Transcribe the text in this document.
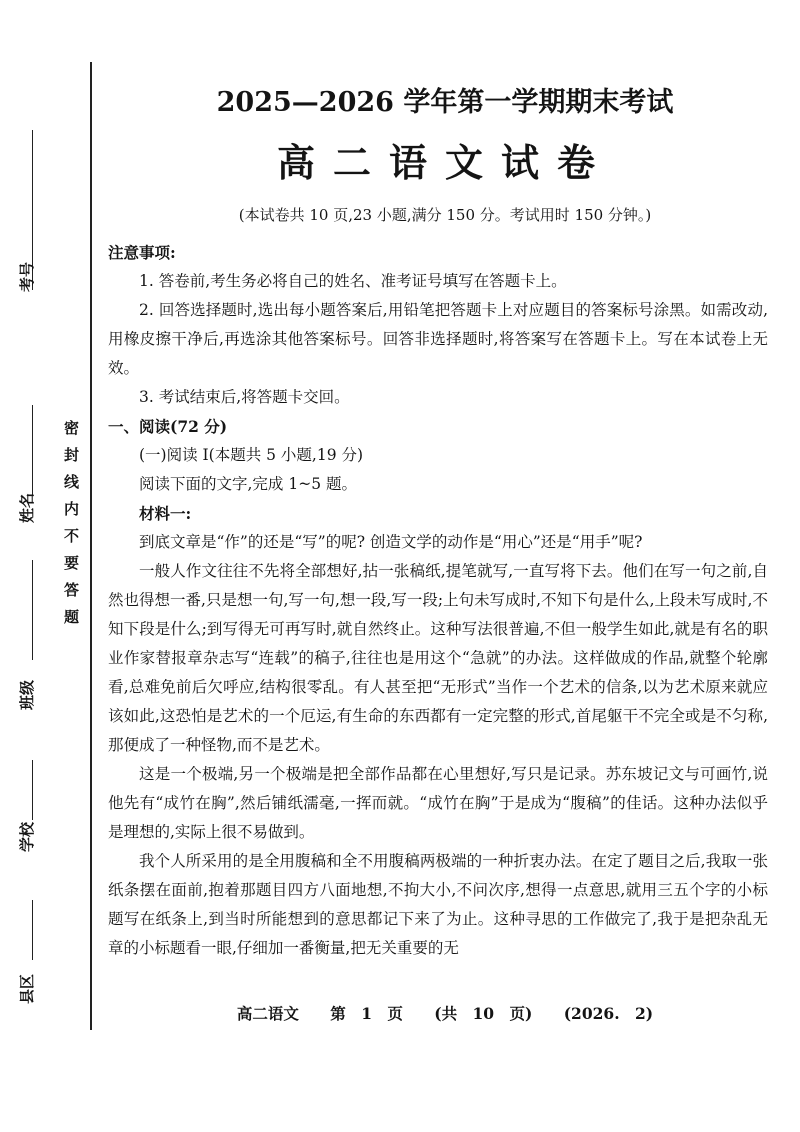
考号
姓名
班级
学校
县区
密封线内不要答题
2025—2026 学年第一学期期末考试
高二语文试卷
(本试卷共 10 页,23 小题,满分 150 分。考试用时 150 分钟。)

注意事项:

1. 答卷前,考生务必将自己的姓名、准考证号填写在答题卡上。

2. 回答选择题时,选出每小题答案后,用铅笔把答题卡上对应题目的答案标号涂黑。如需改动,用橡皮擦干净后,再选涂其他答案标号。回答非选择题时,将答案写在答题卡上。写在本试卷上无效。

3. 考试结束后,将答题卡交回。

一、阅读(72 分)

(一)阅读 I(本题共 5 小题,19 分)

阅读下面的文字,完成 1~5 题。

材料一:

到底文章是“作”的还是“写”的呢? 创造文学的动作是“用心”还是“用手”呢?

一般人作文往往不先将全部想好,拈一张稿纸,提笔就写,一直写将下去。他们在写一句之前,自然也得想一番,只是想一句,写一句,想一段,写一段;上句未写成时,不知下句是什么,上段未写成时,不知下段是什么;到写得无可再写时,就自然终止。这种写法很普遍,不但一般学生如此,就是有名的职业作家替报章杂志写“连载”的稿子,往往也是用这个“急就”的办法。这样做成的作品,就整个轮廓看,总难免前后欠呼应,结构很零乱。有人甚至把“无形式”当作一个艺术的信条,以为艺术原来就应该如此,这恐怕是艺术的一个厄运,有生命的东西都有一定完整的形式,首尾躯干不完全或是不匀称,那便成了一种怪物,而不是艺术。

这是一个极端,另一个极端是把全部作品都在心里想好,写只是记录。苏东坡记文与可画竹,说他先有“成竹在胸”,然后铺纸濡毫,一挥而就。“成竹在胸”于是成为“腹稿”的佳话。这种办法似乎是理想的,实际上很不易做到。

我个人所采用的是全用腹稿和全不用腹稿两极端的一种折衷办法。在定了题目之后,我取一张纸条摆在面前,抱着那题目四方八面地想,不拘大小,不问次序,想得一点意思,就用三五个字的小标题写在纸条上,到当时所能想到的意思都记下来了为止。这种寻思的工作做完了,我于是把杂乱无章的小标题看一眼,仔细加一番衡量,把无关重要的无

高二语文 第 1 页 (共 10 页) (2026. 2)
